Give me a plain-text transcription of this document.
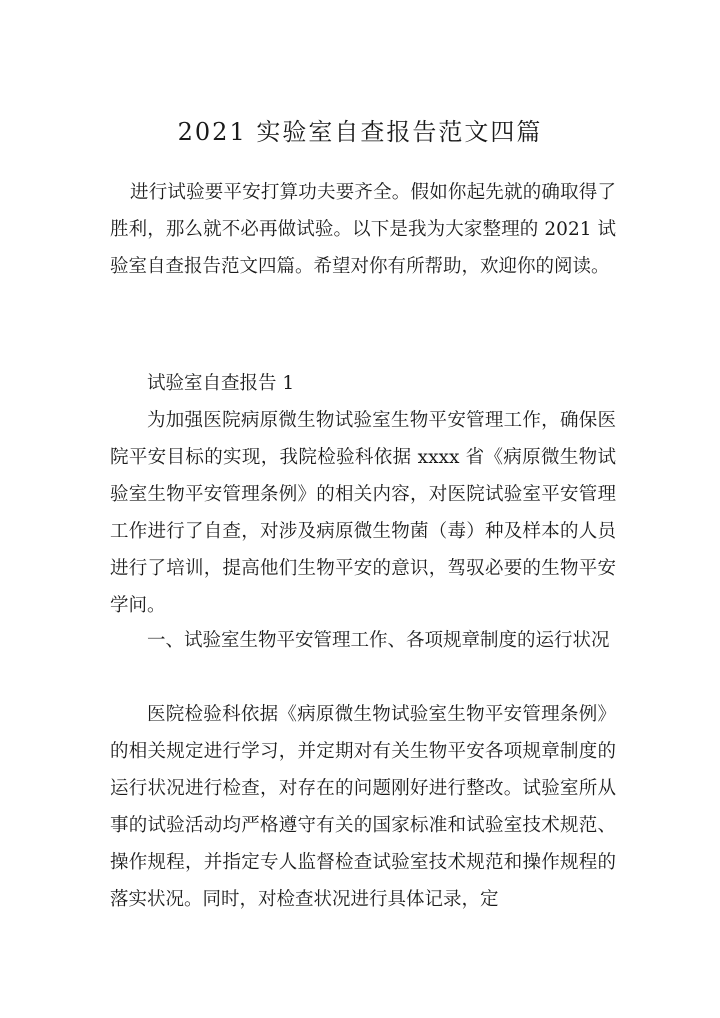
2021 实验室自查报告范文四篇

进行试验要平安打算功夫要齐全。假如你起先就的确取得了胜利，那么就不必再做试验。以下是我为大家整理的 2021 试验室自查报告范文四篇。希望对你有所帮助，欢迎你的阅读。

试验室自查报告 1

为加强医院病原微生物试验室生物平安管理工作，确保医院平安目标的实现，我院检验科依据 xxxx 省《病原微生物试验室生物平安管理条例》的相关内容，对医院试验室平安管理工作进行了自查，对涉及病原微生物菌（毒）种及样本的人员进行了培训，提高他们生物平安的意识，驾驭必要的生物平安学问。

一、试验室生物平安管理工作、各项规章制度的运行状况

医院检验科依据《病原微生物试验室生物平安管理条例》的相关规定进行学习，并定期对有关生物平安各项规章制度的运行状况进行检查，对存在的问题刚好进行整改。试验室所从事的试验活动均严格遵守有关的国家标准和试验室技术规范、操作规程，并指定专人监督检查试验室技术规范和操作规程的落实状况。同时，对检查状况进行具体记录，定
